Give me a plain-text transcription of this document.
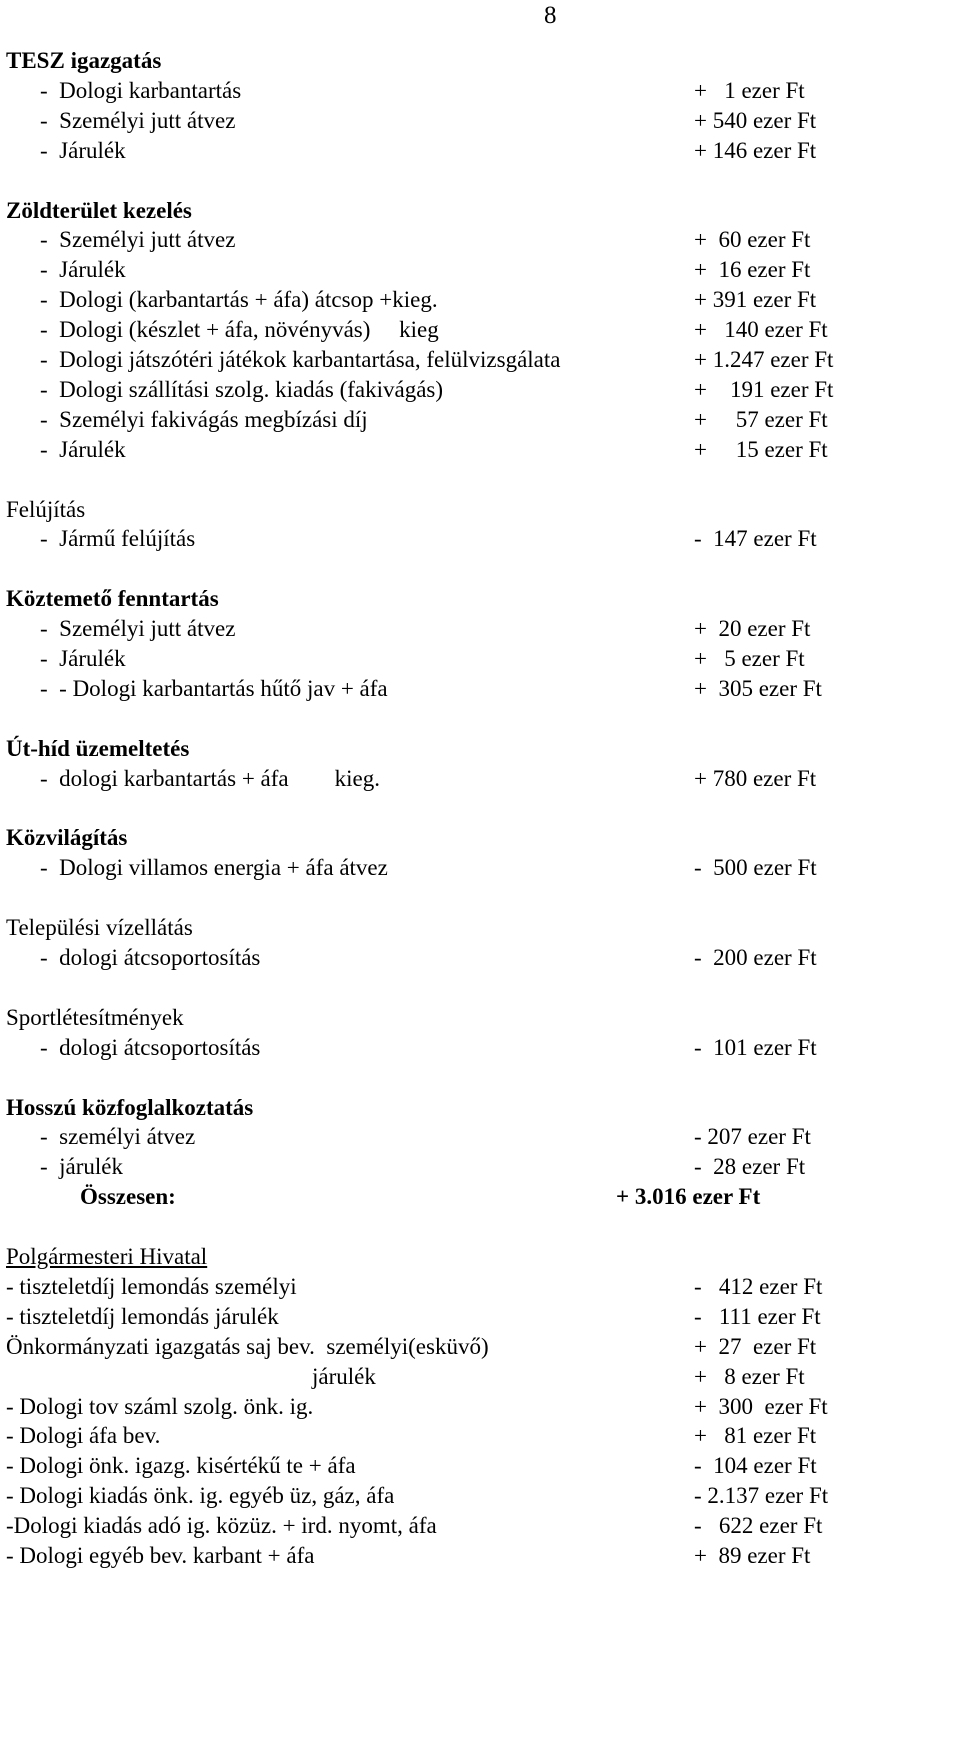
8
TESZ igazgatás
-  Dologi karbantartás	+   1 ezer Ft
-  Személyi jutt átvez	+ 540 ezer Ft
-  Járulék	+ 146 ezer Ft
Zöldterület kezelés
-  Személyi jutt átvez	+  60 ezer Ft
-  Járulék	+  16 ezer Ft
-  Dologi (karbantartás + áfa) átcsop +kieg.	+ 391 ezer Ft
-  Dologi (készlet + áfa, növényvás)     kieg	+   140 ezer Ft
-  Dologi játszótéri játékok karbantartása, felülvizsgálata	+ 1.247 ezer Ft
-  Dologi szállítási szolg. kiadás (fakivágás)	+    191 ezer Ft
-  Személyi fakivágás megbízási díj	+     57 ezer Ft
-  Járulék	+     15 ezer Ft
Felújítás
-  Jármű felújítás	-  147 ezer Ft
Köztemető fenntartás
-  Személyi jutt átvez	+  20 ezer Ft
-  Járulék	+   5 ezer Ft
-  - Dologi karbantartás hűtő jav + áfa	+  305 ezer Ft
Út-híd üzemeltetés
-  dologi karbantartás + áfa        kieg.	+ 780 ezer Ft
Közvilágítás
-  Dologi villamos energia + áfa átvez	-  500 ezer Ft
Települési vízellátás
-  dologi átcsoportosítás	-  200 ezer Ft
Sportlétesítmények
-  dologi átcsoportosítás	-  101 ezer Ft
Hosszú közfoglalkoztatás
-  személyi átvez	- 207 ezer Ft
-  járulék	-  28 ezer Ft
Összesen:	+ 3.016 ezer Ft
Polgármesteri Hivatal
- tiszteletdíj lemondás személyi	-   412 ezer Ft
- tiszteletdíj lemondás járulék	-   111 ezer Ft
Önkormányzati igazgatás saj bev.  személyi(esküvő)	+  27  ezer Ft
járulék	+   8 ezer Ft
- Dologi tov száml szolg. önk. ig.	+  300  ezer Ft
- Dologi áfa bev.	+   81 ezer Ft
- Dologi önk. igazg. kisértékű te + áfa	-  104 ezer Ft
- Dologi kiadás önk. ig. egyéb üz, gáz, áfa	- 2.137 ezer Ft
-Dologi kiadás adó ig. közüz. + ird. nyomt, áfa	-   622 ezer Ft
- Dologi egyéb bev. karbant + áfa	+  89 ezer Ft
